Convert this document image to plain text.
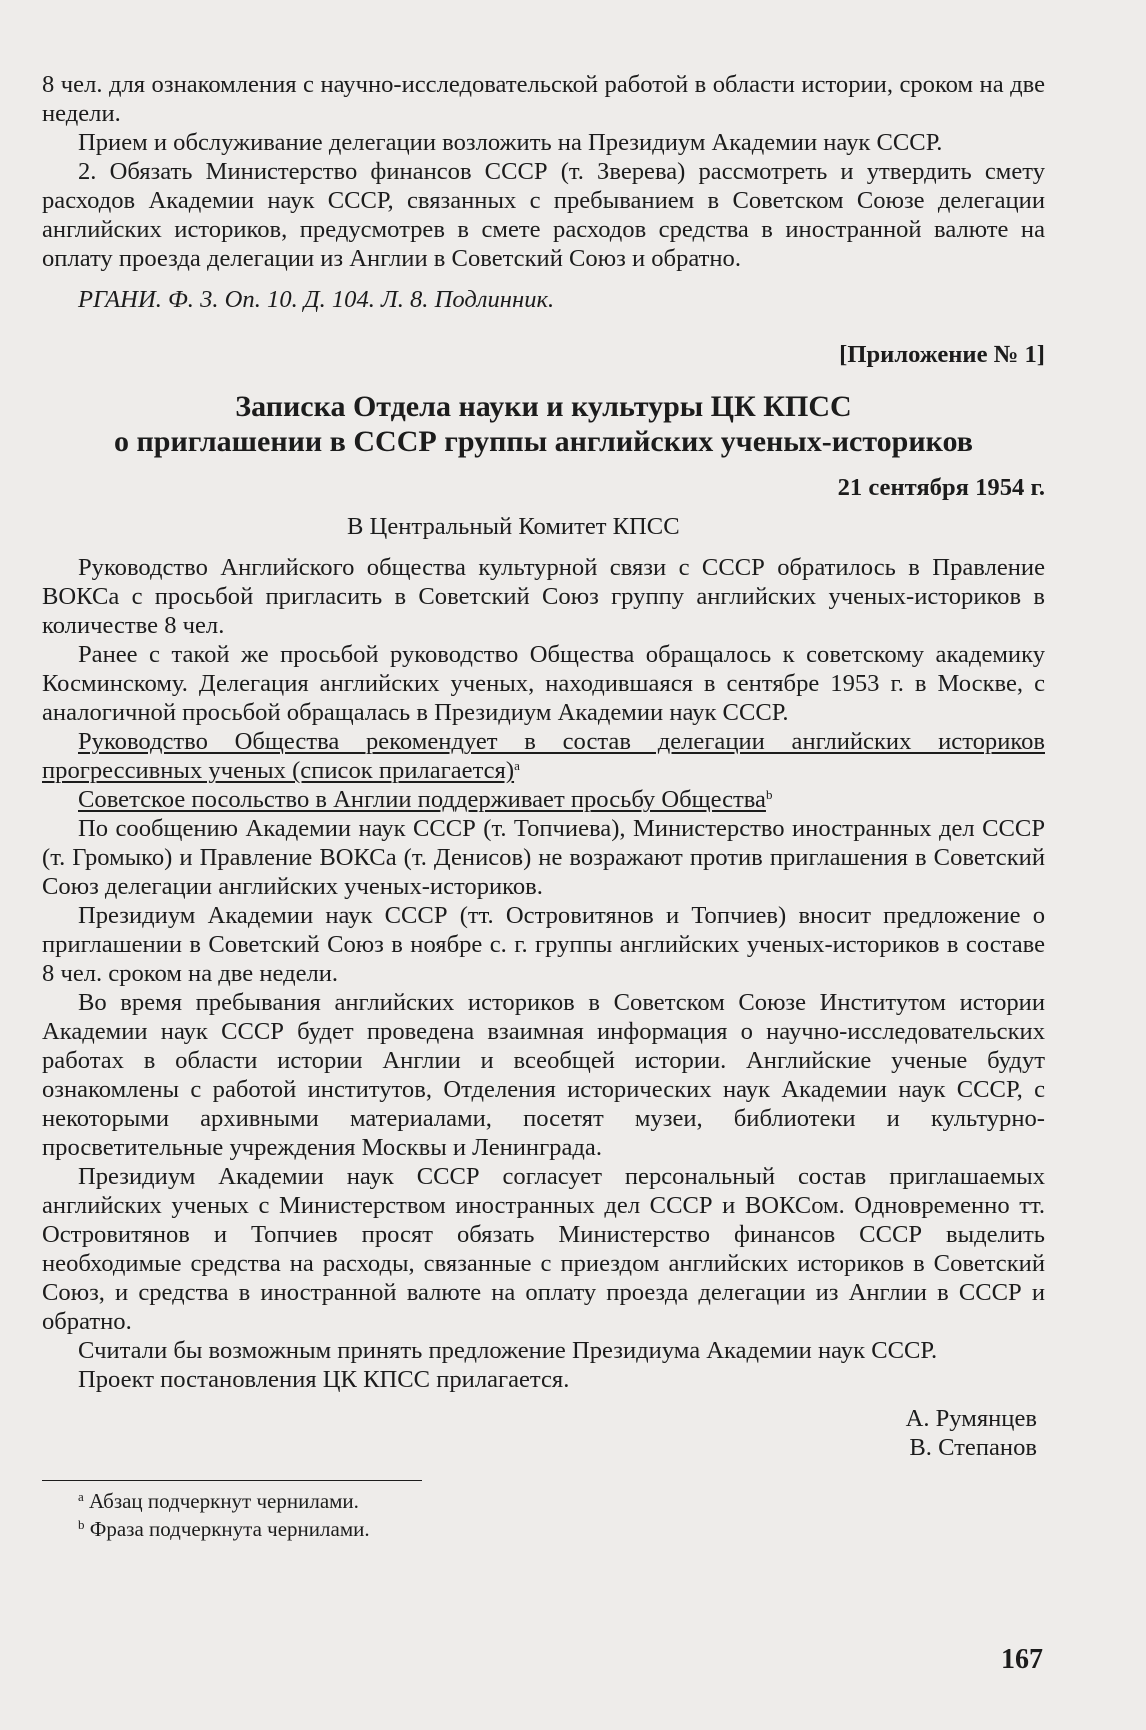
8 чел. для ознакомления с научно-исследовательской работой в области истории, сроком на две недели.

Прием и обслуживание делегации возложить на Президиум Академии наук СССР.

2. Обязать Министерство финансов СССР (т. Зверева) рассмотреть и утвердить смету расходов Академии наук СССР, связанных с пребыванием в Советском Союзе делегации английских историков, предусмотрев в смете расходов средства в иностранной валюте на оплату проезда делегации из Англии в Советский Союз и обратно.

РГАНИ. Ф. 3. Оп. 10. Д. 104. Л. 8. Подлинник.

[Приложение № 1]

Записка Отдела науки и культуры ЦК КПСС
о приглашении в СССР группы английских ученых-историков

21 сентября 1954 г.

В Центральный Комитет КПСС

Руководство Английского общества культурной связи с СССР обратилось в Правление ВОКСа с просьбой пригласить в Советский Союз группу английских ученых-историков в количестве 8 чел.

Ранее с такой же просьбой руководство Общества обращалось к советскому академику Косминскому. Делегация английских ученых, находившаяся в сентябре 1953 г. в Москве, с аналогичной просьбой обращалась в Президиум Академии наук СССР.

Руководство Общества рекомендует в состав делегации английских историков прогрессивных ученых (список прилагается)$^a$

Советское посольство в Англии поддерживает просьбу Общества$^b$

По сообщению Академии наук СССР (т. Топчиева), Министерство иностранных дел СССР (т. Громыко) и Правление ВОКСа (т. Денисов) не возражают против приглашения в Советский Союз делегации английских ученых-историков.

Президиум Академии наук СССР (тт. Островитянов и Топчиев) вносит предложение о приглашении в Советский Союз в ноябре с. г. группы английских ученых-историков в составе 8 чел. сроком на две недели.

Во время пребывания английских историков в Советском Союзе Институтом истории Академии наук СССР будет проведена взаимная информация о научно-исследовательских работах в области истории Англии и всеобщей истории. Английские ученые будут ознакомлены с работой институтов, Отделения исторических наук Академии наук СССР, с некоторыми архивными материалами, посетят музеи, библиотеки и культурно-просветительные учреждения Москвы и Ленинграда.

Президиум Академии наук СССР согласует персональный состав приглашаемых английских ученых с Министерством иностранных дел СССР и ВОКСом. Одновременно тт. Островитянов и Топчиев просят обязать Министерство финансов СССР выделить необходимые средства на расходы, связанные с приездом английских историков в Советский Союз, и средства в иностранной валюте на оплату проезда делегации из Англии в СССР и обратно.

Считали бы возможным принять предложение Президиума Академии наук СССР.

Проект постановления ЦК КПСС прилагается.

А. Румянцев

В. Степанов

$^a$ Абзац подчеркнут чернилами.

$^b$ Фраза подчеркнута чернилами.

167
